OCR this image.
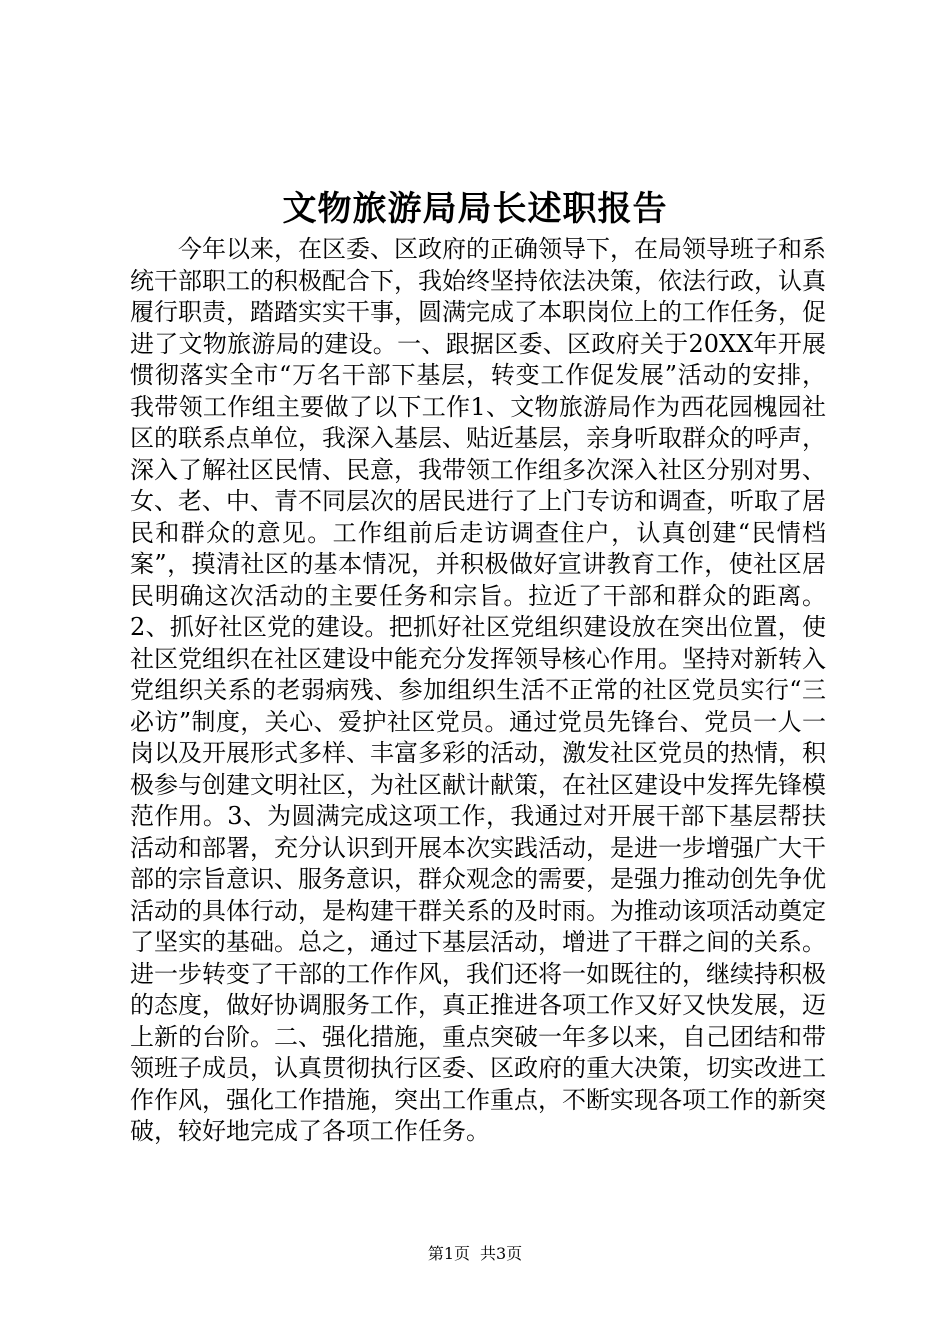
文物旅游局局长述职报告

今年以来，在区委、区政府的正确领导下，在局领导班子和系统干部职工的积极配合下，我始终坚持依法决策，依法行政，认真履行职责，踏踏实实干事，圆满完成了本职岗位上的工作任务，促进了文物旅游局的建设。一、跟据区委、区政府关于20XX年开展惯彻落实全市“万名干部下基层，转变工作促发展”活动的安排，我带领工作组主要做了以下工作1、文物旅游局作为西花园槐园社区的联系点单位，我深入基层、贴近基层，亲身听取群众的呼声，深入了解社区民情、民意，我带领工作组多次深入社区分别对男、女、老、中、青不同层次的居民进行了上门专访和调查，听取了居民和群众的意见。工作组前后走访调查住户，认真创建“民情档案”，摸清社区的基本情况，并积极做好宣讲教育工作，使社区居民明确这次活动的主要任务和宗旨。拉近了干部和群众的距离。2、抓好社区党的建设。把抓好社区党组织建设放在突出位置，使社区党组织在社区建设中能充分发挥领导核心作用。坚持对新转入党组织关系的老弱病残、参加组织生活不正常的社区党员实行“三必访”制度，关心、爱护社区党员。通过党员先锋台、党员一人一岗以及开展形式多样、丰富多彩的活动，激发社区党员的热情，积极参与创建文明社区，为社区献计献策，在社区建设中发挥先锋模范作用。3、为圆满完成这项工作，我通过对开展干部下基层帮扶活动和部署，充分认识到开展本次实践活动，是进一步增强广大干部的宗旨意识、服务意识，群众观念的需要，是强力推动创先争优活动的具体行动，是构建干群关系的及时雨。为推动该项活动奠定了坚实的基础。总之，通过下基层活动，增进了干群之间的关系。进一步转变了干部的工作作风，我们还将一如既往的，继续持积极的态度，做好协调服务工作，真正推进各项工作又好又快发展，迈上新的台阶。二、强化措施，重点突破一年多以来，自己团结和带领班子成员，认真贯彻执行区委、区政府的重大决策，切实改进工作作风，强化工作措施，突出工作重点，不断实现各项工作的新突破，较好地完成了各项工作任务。

第1页 共3页
